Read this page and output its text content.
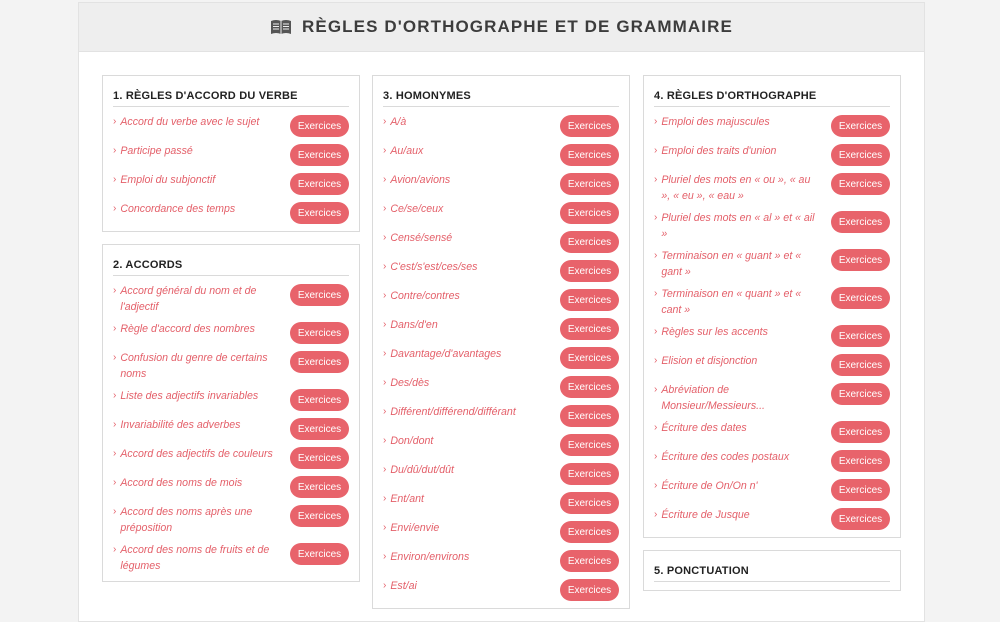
RÈGLES D'ORTHOGRAPHE ET DE GRAMMAIRE
1. RÈGLES D'ACCORD DU VERBE
› Accord du verbe avec le sujet	Exercices
› Participe passé	Exercices
› Emploi du subjonctif	Exercices
› Concordance des temps	Exercices
2. ACCORDS
› Accord général du nom et de l'adjectif
Exercices
› Règle d'accord des nombres	Exercices
› Confusion du genre de certains noms
Exercices
› Liste des adjectifs invariables	Exercices
› Invariabilité des adverbes	Exercices
› Accord des adjectifs de couleurs	Exercices
› Accord des noms de mois	Exercices
› Accord des noms après une préposition
Exercices
› Accord des noms de fruits et de légumes
Exercices
3. HOMONYMES
› A/à	Exercices
› Au/aux	Exercices
› Avion/avions	Exercices
› Ce/se/ceux	Exercices
› Censé/sensé	Exercices
› C'est/s'est/ces/ses	Exercices
› Contre/contres	Exercices
› Dans/d'en	Exercices
› Davantage/d'avantages	Exercices
› Des/dès	Exercices
› Différent/différend/différant	Exercices
› Don/dont	Exercices
› Du/dû/dut/dût	Exercices
› Ent/ant	Exercices
› Envi/envie	Exercices
› Environ/environs	Exercices
› Est/ai	Exercices
4. RÈGLES D'ORTHOGRAPHE
› Emploi des majuscules	Exercices
› Emploi des traits d'union	Exercices
› Pluriel des mots en « ou », « au », « eu », « eau »
Exercices
› Pluriel des mots en « al » et « ail »
Exercices
› Terminaison en « guant » et « gant »
Exercices
› Terminaison en « quant » et « cant »
Exercices
› Règles sur les accents	Exercices
› Elision et disjonction	Exercices
› Abréviation de Monsieur/Messieurs...
Exercices
› Écriture des dates	Exercices
› Écriture des codes postaux	Exercices
› Écriture de On/On n'	Exercices
› Écriture de Jusque	Exercices
5. PONCTUATION
